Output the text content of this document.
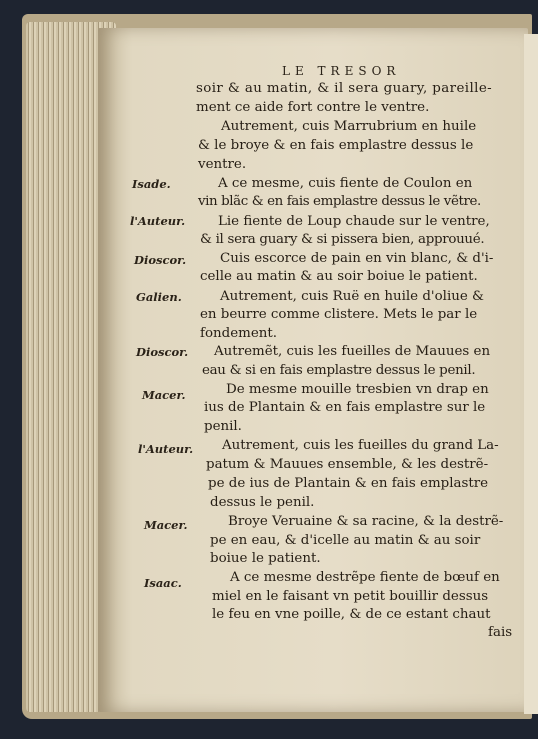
LE TRESOR
soir & au matin, & il sera guary, pareille-
ment ce aide fort contre le ventre.
Autrement, cuis Marrubrium en huile
& le broye & en fais emplastre dessus le
ventre.
A ce mesme, cuis fiente de Coulon en
vin blãc & en fais emplastre dessus le vẽtre.
Lie fiente de Loup chaude sur le ventre,
& il sera guary & si pissera bien, approuué.
Cuis escorce de pain en vin blanc, & d'i-
celle au matin & au soir boiue le patient.
Autrement, cuis Ruë en huile d'oliue &
en beurre comme clistere. Mets le par le
fondement.
Autremẽt, cuis les fueilles de Mauues en
eau & si en fais emplastre dessus le penil.
De mesme mouille tresbien vn drap en
ius de Plantain & en fais emplastre sur le
penil.
Autrement, cuis les fueilles du grand La-
patum & Mauues ensemble, & les destrẽ-
pe de ius de Plantain & en fais emplastre
dessus le penil.
Broye Veruaine & sa racine, & la destrẽ-
pe en eau, & d'icelle au matin & au soir
boiue le patient.
A ce mesme destrẽpe fiente de bœuf en
miel en le faisant vn petit bouillir dessus
le feu en vne poille, & de ce estant chaut
fais
Isade.
l'Auteur.
Dioscor.
Galien.
Dioscor.
Macer.
l'Auteur.
Macer.
Isaac.
